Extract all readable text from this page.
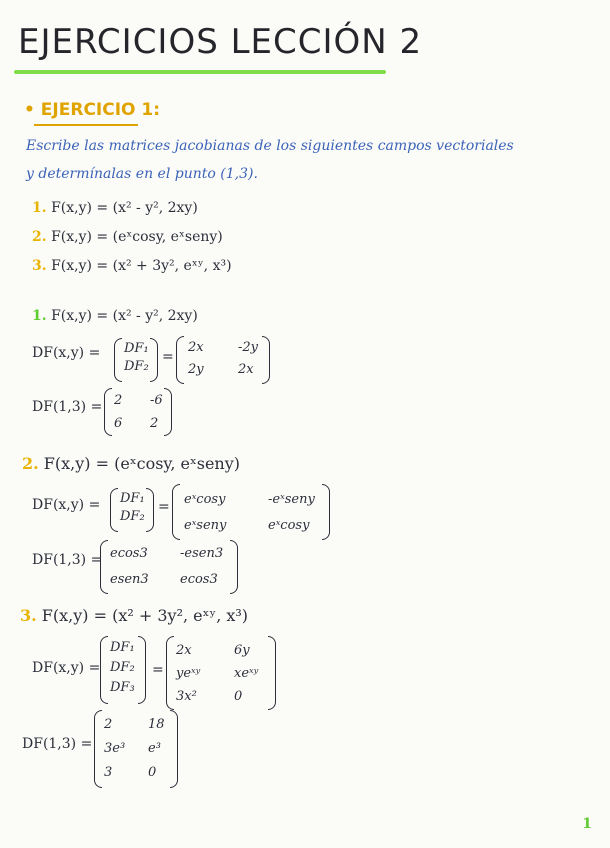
EJERCICIOS LECCIÓN 2
• EJERCICIO 1:
Escribe las matrices jacobianas de los siguientes campos vectoriales
y determínalas en el punto (1,3).
1. F(x,y) = (x² - y², 2xy)
2. F(x,y) = (eˣcosy, eˣseny)
3. F(x,y) = (x² + 3y², eˣʸ, x³)
1. F(x,y) = (x² - y², 2xy)
DF(x,y) = DF₁
DF₂
=
2x	-2y
2y	2x
DF(1,3) = 2	-6
6	2
2. F(x,y) = (eˣcosy, eˣseny)
DF(x,y) = DF₁
DF₂
= eˣcosy	-eˣseny
eˣseny	eˣcosy
DF(1,3) = ecos3	-esen3
esen3	ecos3
3. F(x,y) = (x² + 3y², eˣʸ, x³)
DF(x,y) =
DF₁
DF₂
DF₃
=
2x	6y
yeˣʸ	xeˣʸ
3x²	0
DF(1,3) =
2	18
3e³	e³
3	0
1
